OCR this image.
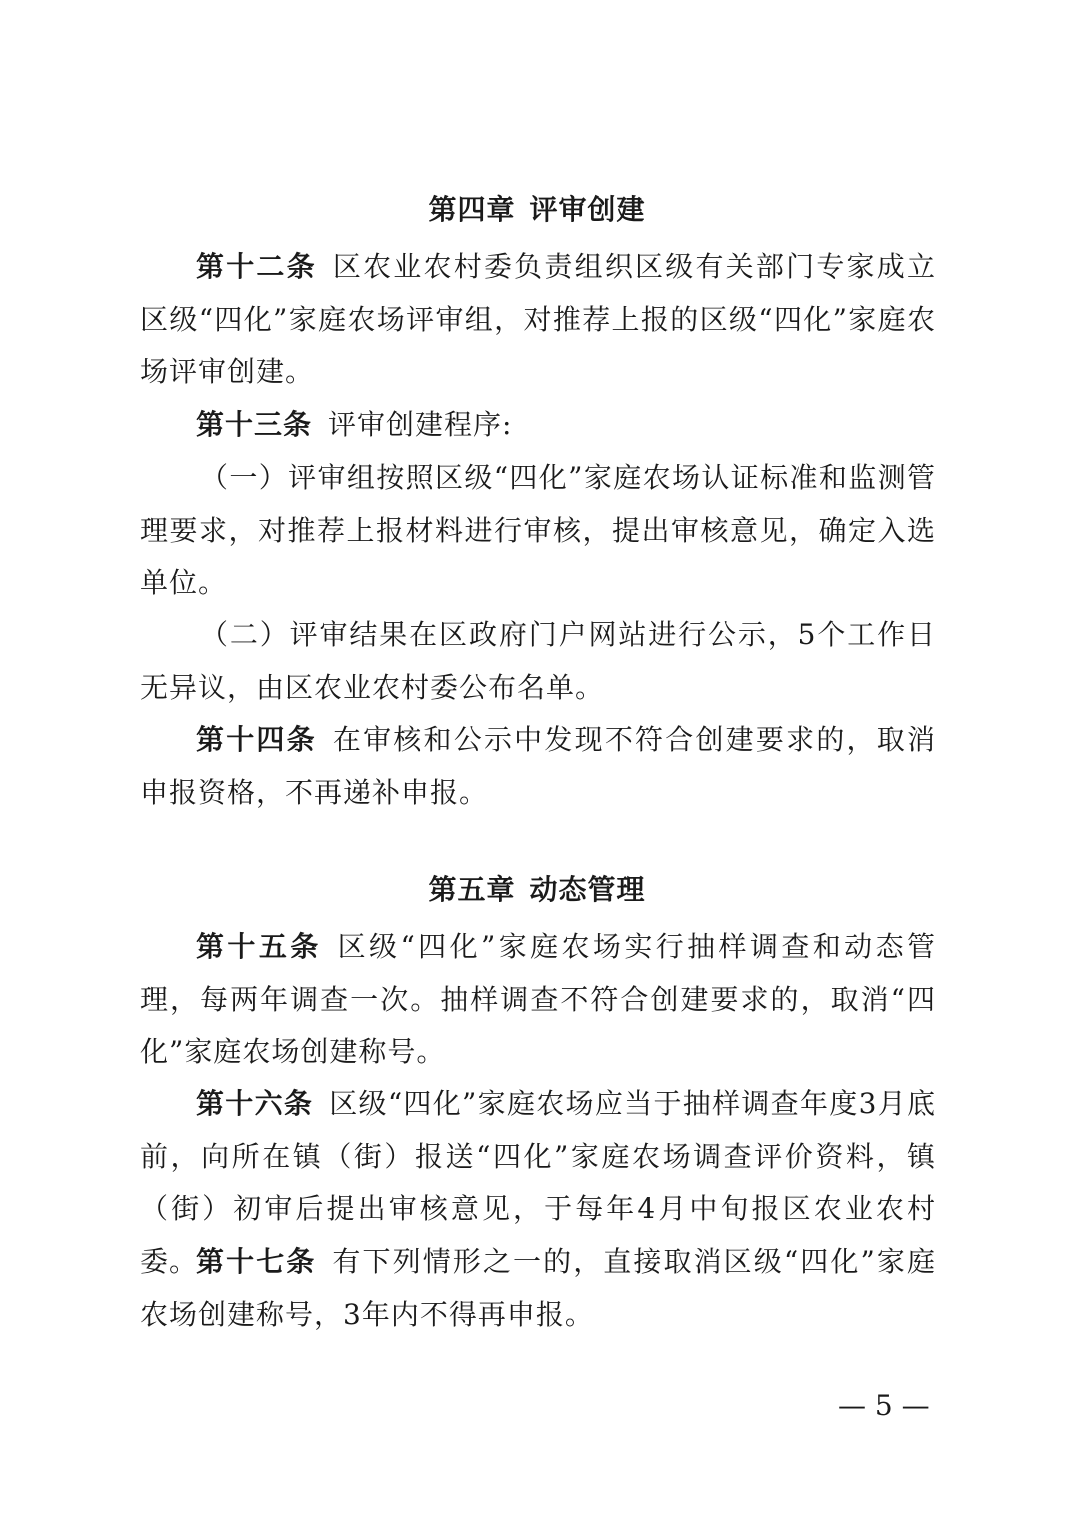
第四章 评审创建

第十二条 区农业农村委负责组织区级有关部门专家成立区级“四化”家庭农场评审组，对推荐上报的区级“四化”家庭农场评审创建。

第十三条 评审创建程序:

（一）评审组按照区级“四化”家庭农场认证标准和监测管理要求，对推荐上报材料进行审核，提出审核意见，确定入选单位。

（二）评审结果在区政府门户网站进行公示，5个工作日无异议，由区农业农村委公布名单。

第十四条 在审核和公示中发现不符合创建要求的，取消申报资格，不再递补申报。

第五章 动态管理

第十五条 区级“四化”家庭农场实行抽样调查和动态管理，每两年调查一次。抽样调查不符合创建要求的，取消“四化”家庭农场创建称号。

第十六条 区级“四化”家庭农场应当于抽样调查年度3月底前，向所在镇（街）报送“四化”家庭农场调查评价资料，镇（街）初审后提出审核意见，于每年4月中旬报区农业农村委。

第十七条 有下列情形之一的，直接取消区级“四化”家庭农场创建称号，3年内不得再申报。

— 5 —
